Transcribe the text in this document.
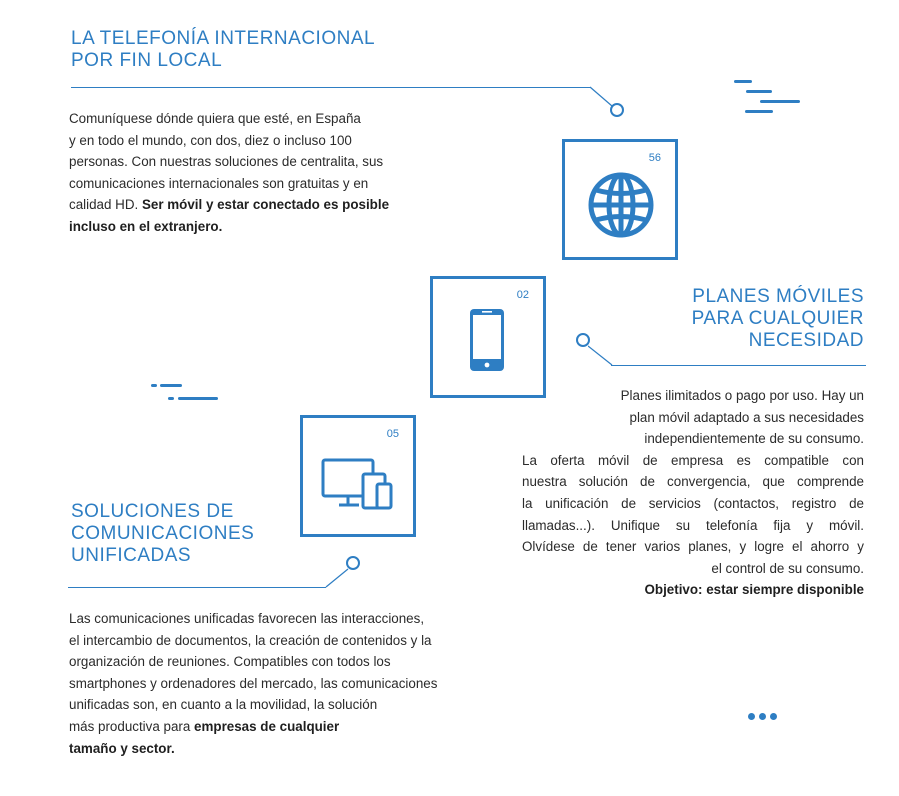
LA TELEFONÍA INTERNACIONAL
POR FIN LOCAL

Comuníquese dónde quiera que esté, en España

y en todo el mundo, con dos, diez o incluso 100

personas. Con nuestras soluciones de centralita, sus

comunicaciones internacionales son gratuitas y en

calidad HD. Ser móvil y estar conectado es posible

incluso en el extranjero.

56
02	PLANES MÓVILES
PARA CUALQUIER
NECESIDAD

Planes ilimitados o pago por uso. Hay un

plan móvil adaptado a sus necesidades

independientemente de su consumo.

La oferta móvil de empresa es compatible con

nuestra solución de convergencia, que comprende

la unificación de servicios (contactos, registro de

llamadas...). Unifique su telefonía fija y móvil.

Olvídese de tener varios planes, y logre el ahorro y

el control de su consumo.

Objetivo: estar siempre disponible

05
SOLUCIONES DE
COMUNICACIONES
UNIFICADAS

Las comunicaciones unificadas favorecen las interacciones,

el intercambio de documentos, la creación de contenidos y la

organización de reuniones. Compatibles con todos los

smartphones y ordenadores del mercado, las comunicaciones

unificadas son, en cuanto a la movilidad, la solución

más productiva para empresas de cualquier

tamaño y sector.
